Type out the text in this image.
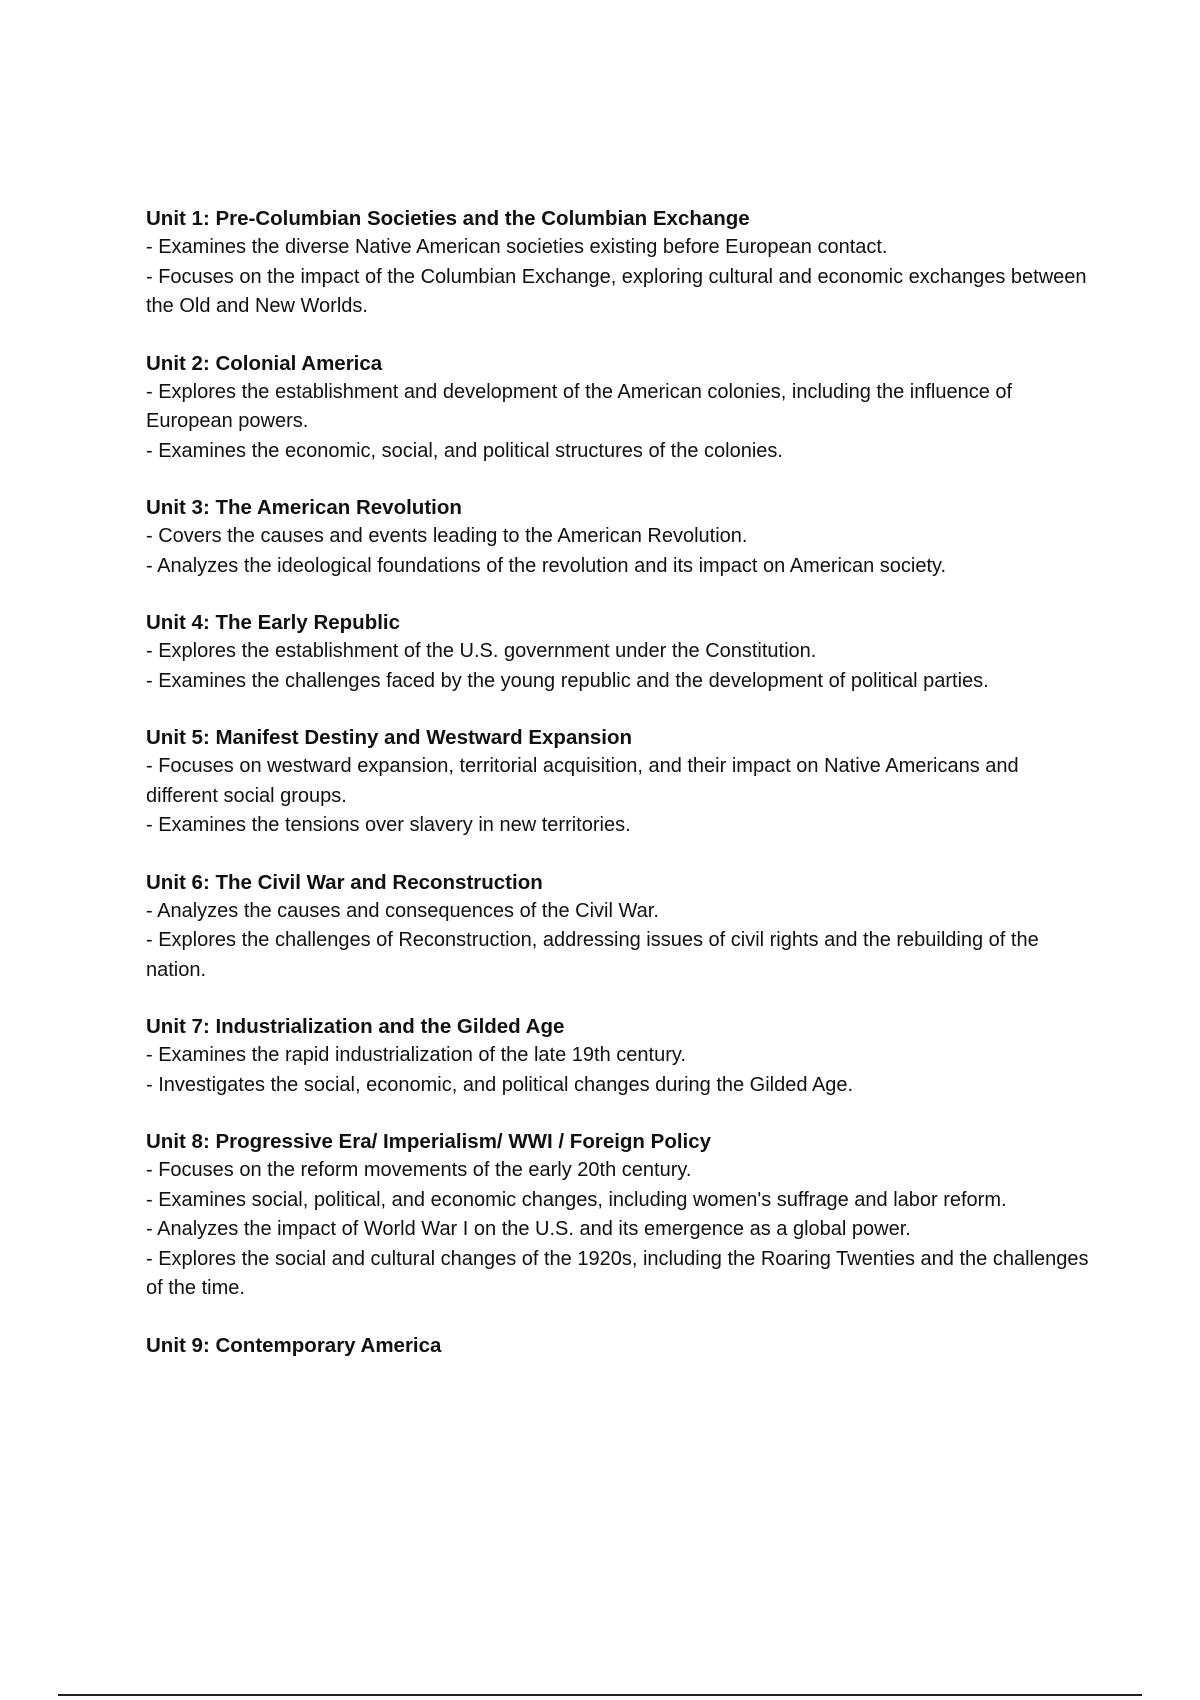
Unit 1: Pre-Columbian Societies and the Columbian Exchange

- Examines the diverse Native American societies existing before European contact.

- Focuses on the impact of the Columbian Exchange, exploring cultural and economic exchanges between the Old and New Worlds.

Unit 2: Colonial America

- Explores the establishment and development of the American colonies, including the influence of European powers.

- Examines the economic, social, and political structures of the colonies.

Unit 3: The American Revolution

- Covers the causes and events leading to the American Revolution.

- Analyzes the ideological foundations of the revolution and its impact on American society.

Unit 4: The Early Republic

- Explores the establishment of the U.S. government under the Constitution.

- Examines the challenges faced by the young republic and the development of political parties.

Unit 5: Manifest Destiny and Westward Expansion

- Focuses on westward expansion, territorial acquisition, and their impact on Native Americans and different social groups.

- Examines the tensions over slavery in new territories.

Unit 6: The Civil War and Reconstruction

- Analyzes the causes and consequences of the Civil War.

- Explores the challenges of Reconstruction, addressing issues of civil rights and the rebuilding of the nation.

Unit 7: Industrialization and the Gilded Age

- Examines the rapid industrialization of the late 19th century.

- Investigates the social, economic, and political changes during the Gilded Age.

Unit 8: Progressive Era/ Imperialism/ WWI / Foreign Policy

- Focuses on the reform movements of the early 20th century.

- Examines social, political, and economic changes, including women's suffrage and labor reform.

- Analyzes the impact of World War I on the U.S. and its emergence as a global power.

- Explores the social and cultural changes of the 1920s, including the Roaring Twenties and the challenges of the time.

Unit 9: Contemporary America
